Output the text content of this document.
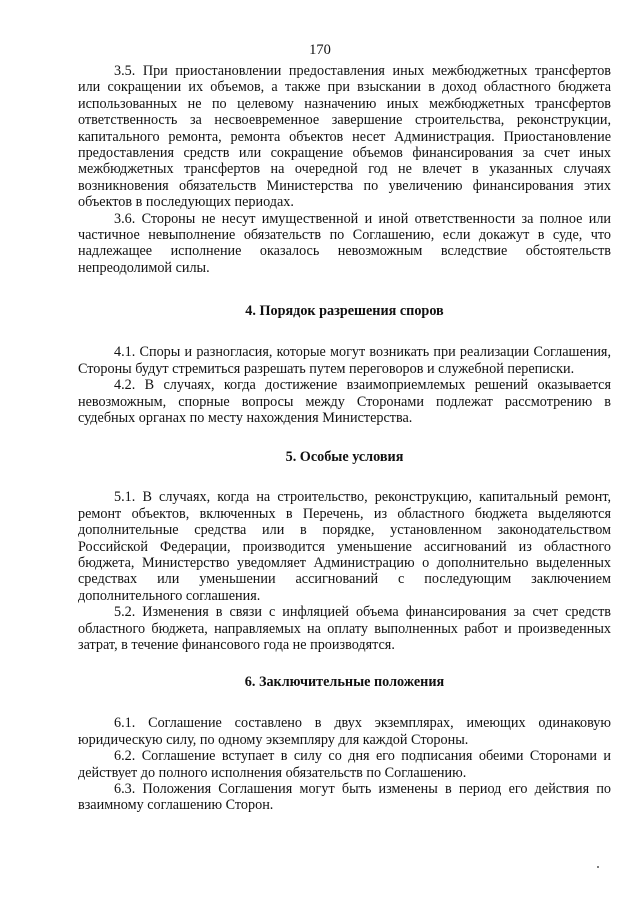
170

3.5. При приостановлении предоставления иных межбюджетных трансфертов или сокращении их объемов, а также при взыскании в доход областного бюджета использованных не по целевому назначению иных межбюджетных трансфертов ответственность за несвоевременное завершение строительства, реконструкции, капитального ремонта, ремонта объектов несет Администрация. Приостановление предоставления средств или сокращение объемов финансирования за счет иных межбюджетных трансфертов на очередной год не влечет в указанных случаях возникновения обязательств Министерства по увеличению финансирования этих объектов в последующих периодах.

3.6. Стороны не несут имущественной и иной ответственности за полное или частичное невыполнение обязательств по Соглашению, если докажут в суде, что надлежащее исполнение оказалось невозможным вследствие обстоятельств непреодолимой силы.

4. Порядок разрешения споров

4.1. Споры и разногласия, которые могут возникать при реализации Соглашения, Стороны будут стремиться разрешать путем переговоров и служебной переписки.

4.2. В случаях, когда достижение взаимоприемлемых решений оказывается невозможным, спорные вопросы между Сторонами подлежат рассмотрению в судебных органах по месту нахождения Министерства.

5. Особые условия

5.1. В случаях, когда на строительство, реконструкцию, капитальный ремонт, ремонт объектов, включенных в Перечень, из областного бюджета выделяются дополнительные средства или в порядке, установленном законодательством Российской Федерации, производится уменьшение ассигнований из областного бюджета, Министерство уведомляет Администрацию о дополнительно выделенных средствах или уменьшении ассигнований с последующим заключением дополнительного соглашения.

5.2. Изменения в связи с инфляцией объема финансирования за счет средств областного бюджета, направляемых на оплату выполненных работ и произведенных затрат, в течение финансового года не производятся.

6. Заключительные положения

6.1. Соглашение составлено в двух экземплярах, имеющих одинаковую юридическую силу, по одному экземпляру для каждой Стороны.

6.2. Соглашение вступает в силу со дня его подписания обеими Сторонами и действует до полного исполнения обязательств по Соглашению.

6.3. Положения Соглашения могут быть изменены в период его действия по взаимному соглашению Сторон.
